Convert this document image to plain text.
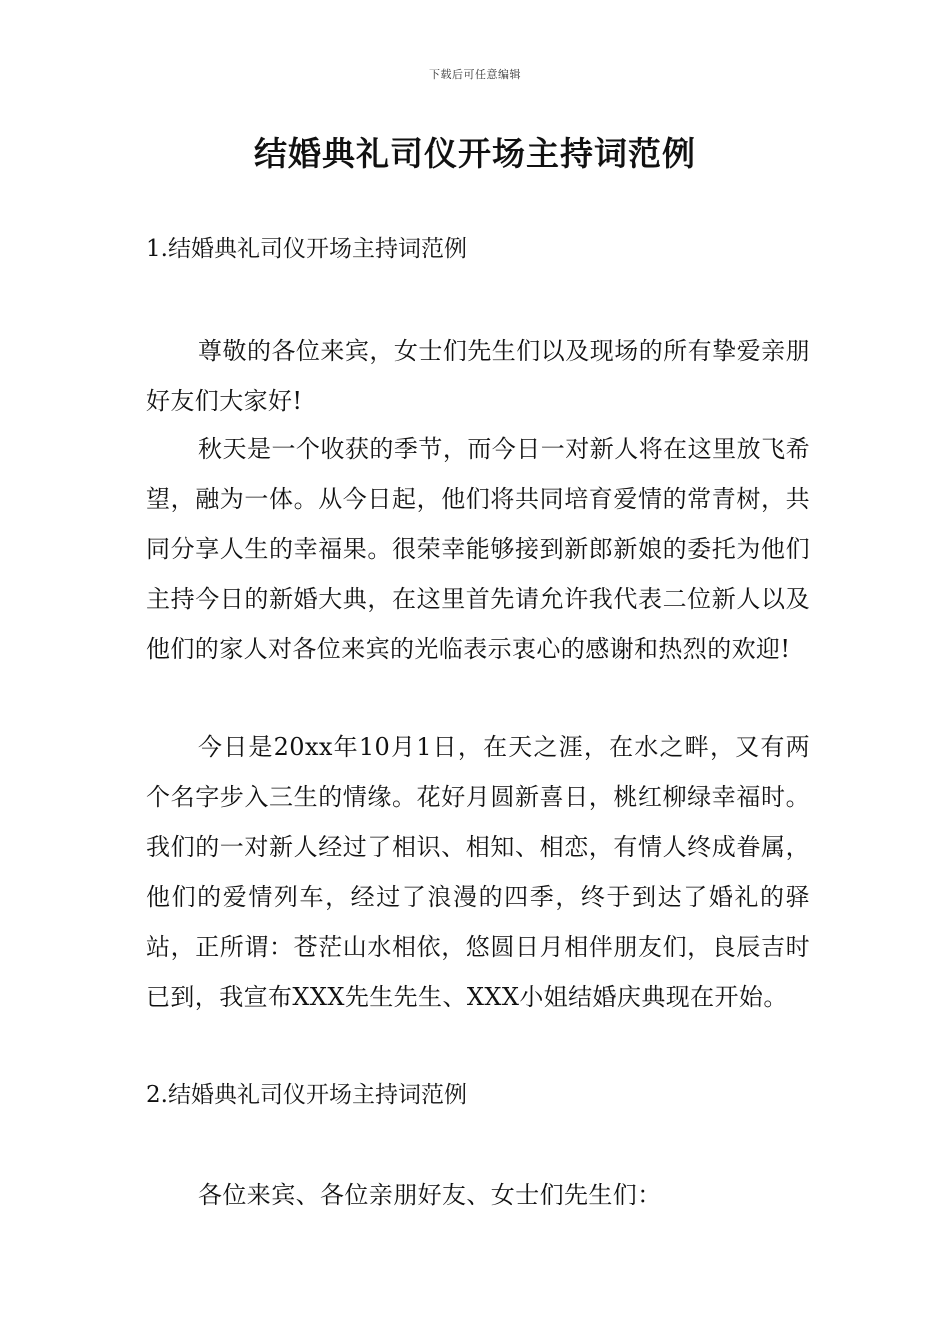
下载后可任意编辑
结婚典礼司仪开场主持词范例
1.结婚典礼司仪开场主持词范例

尊敬的各位来宾，女士们先生们以及现场的所有挚爱亲朋好友们大家好!

秋天是一个收获的季节，而今日一对新人将在这里放飞希望，融为一体。从今日起，他们将共同培育爱情的常青树，共同分享人生的幸福果。很荣幸能够接到新郎新娘的委托为他们主持今日的新婚大典，在这里首先请允许我代表二位新人以及他们的家人对各位来宾的光临表示衷心的感谢和热烈的欢迎!

今日是20xx年10月1日，在天之涯，在水之畔，又有两个名字步入三生的情缘。花好月圆新喜日，桃红柳绿幸福时。我们的一对新人经过了相识、相知、相恋，有情人终成眷属，他们的爱情列车，经过了浪漫的四季，终于到达了婚礼的驿站，正所谓：苍茫山水相依，悠圆日月相伴朋友们，良辰吉时已到，我宣布XXX先生先生、XXX小姐结婚庆典现在开始。

2.结婚典礼司仪开场主持词范例

各位来宾、各位亲朋好友、女士们先生们：
